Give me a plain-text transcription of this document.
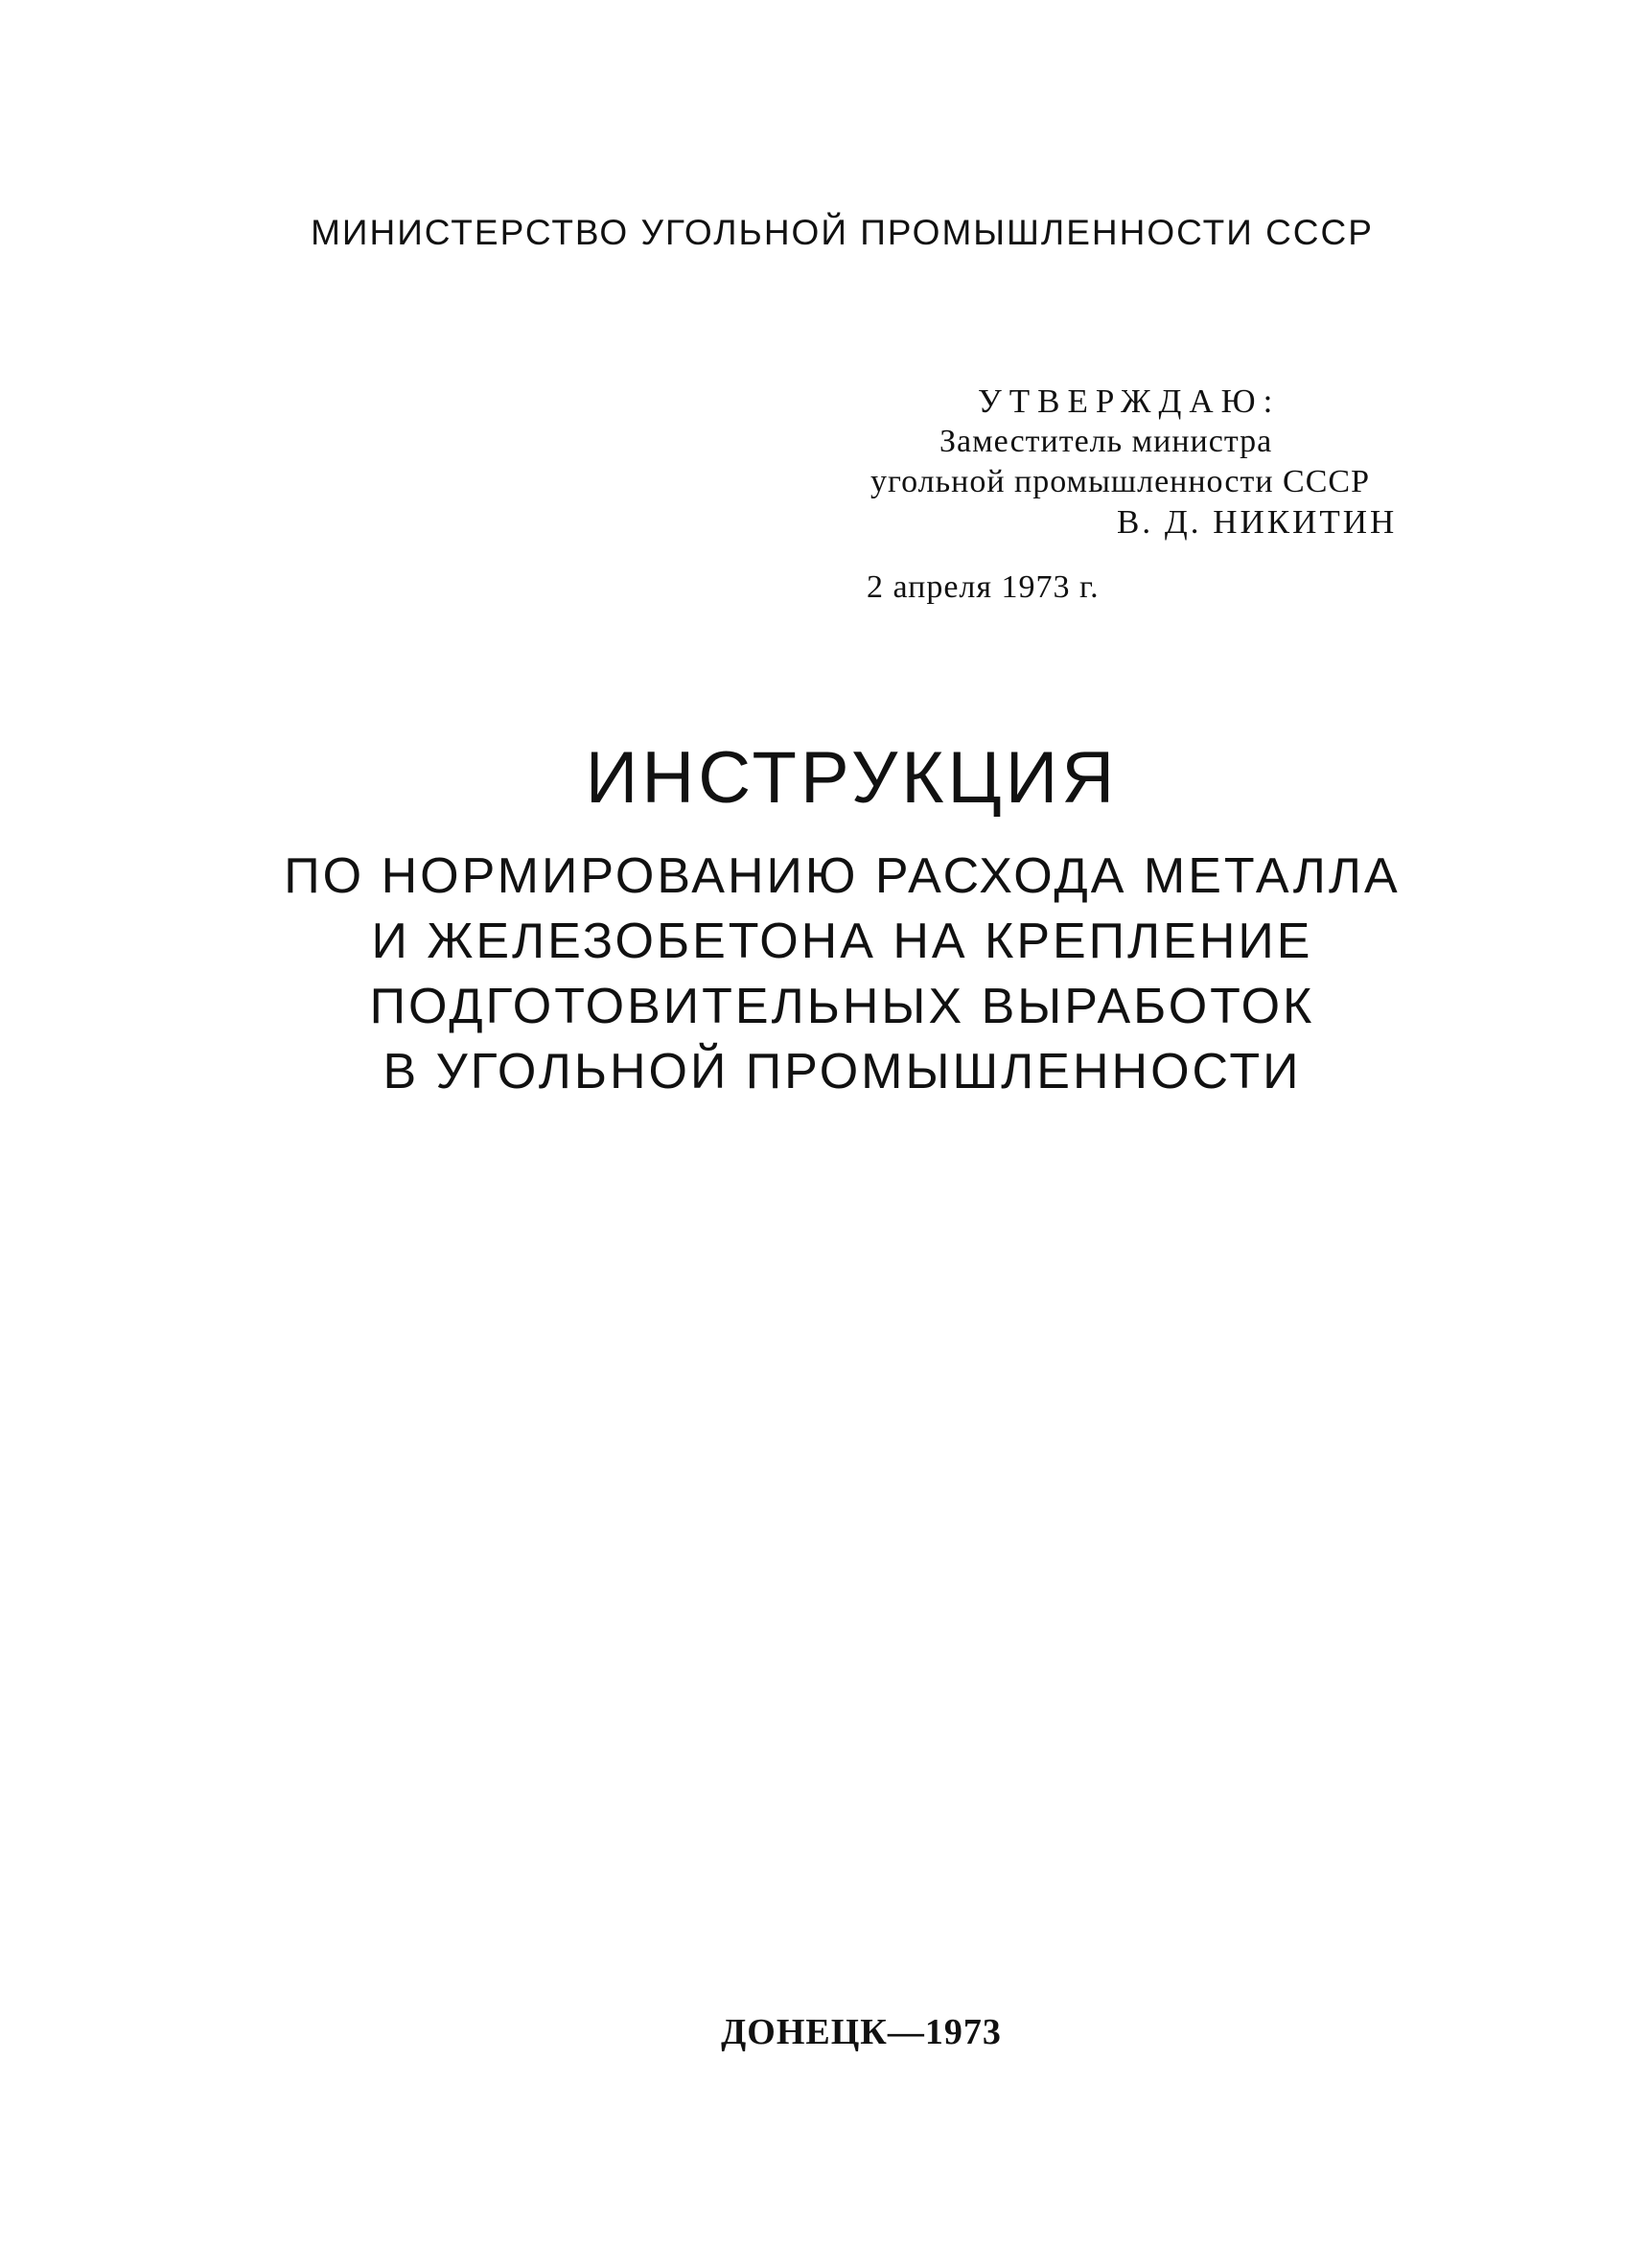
МИНИСТЕРСТВО УГОЛЬНОЙ ПРОМЫШЛЕННОСТИ СССР
УТВЕРЖДАЮ:
Заместитель министра
угольной промышленности СССР
В. Д. НИКИТИН
2 апреля 1973 г.
ИНСТРУКЦИЯ
ПО НОРМИРОВАНИЮ РАСХОДА МЕТАЛЛА
И ЖЕЛЕЗОБЕТОНА НА КРЕПЛЕНИЕ
ПОДГОТОВИТЕЛЬНЫХ ВЫРАБОТОК
В УГОЛЬНОЙ ПРОМЫШЛЕННОСТИ
ДОНЕЦК—1973
